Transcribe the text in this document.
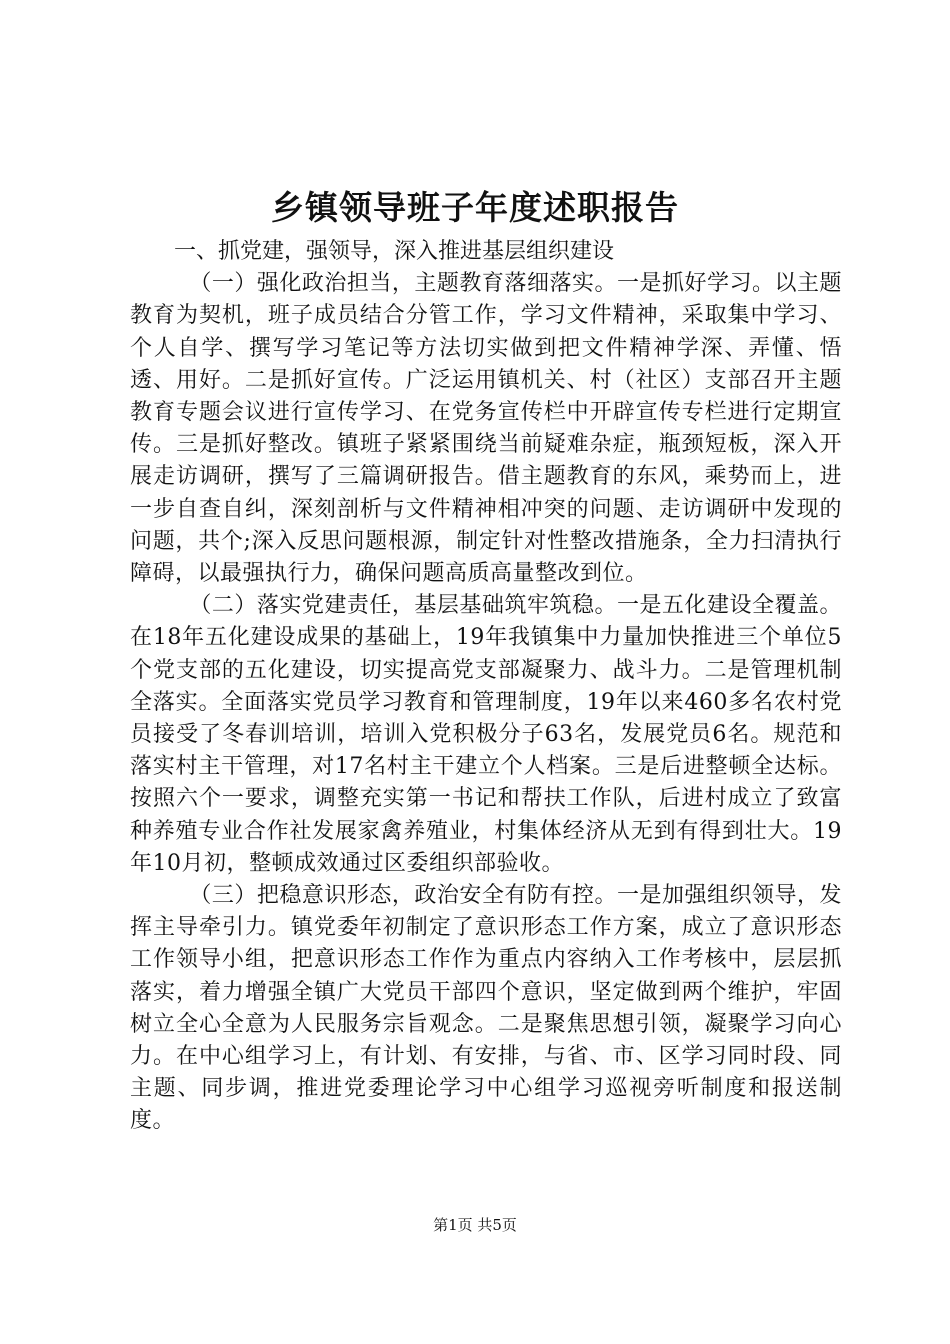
乡镇领导班子年度述职报告

一、抓党建，强领导，深入推进基层组织建设

（一）强化政治担当，主题教育落细落实。一是抓好学习。以主题教育为契机，班子成员结合分管工作，学习文件精神，采取集中学习、个人自学、撰写学习笔记等方法切实做到把文件精神学深、弄懂、悟透、用好。二是抓好宣传。广泛运用镇机关、村（社区）支部召开主题教育专题会议进行宣传学习、在党务宣传栏中开辟宣传专栏进行定期宣传。三是抓好整改。镇班子紧紧围绕当前疑难杂症，瓶颈短板，深入开展走访调研，撰写了三篇调研报告。借主题教育的东风，乘势而上，进一步自查自纠，深刻剖析与文件精神相冲突的问题、走访调研中发现的问题，共个;深入反思问题根源，制定针对性整改措施条，全力扫清执行障碍，以最强执行力，确保问题高质高量整改到位。

（二）落实党建责任，基层基础筑牢筑稳。一是五化建设全覆盖。在18年五化建设成果的基础上，19年我镇集中力量加快推进三个单位5个党支部的五化建设，切实提高党支部凝聚力、战斗力。二是管理机制全落实。全面落实党员学习教育和管理制度，19年以来460多名农村党员接受了冬春训培训，培训入党积极分子63名，发展党员6名。规范和落实村主干管理，对17名村主干建立个人档案。三是后进整顿全达标。按照六个一要求，调整充实第一书记和帮扶工作队，后进村成立了致富种养殖专业合作社发展家禽养殖业，村集体经济从无到有得到壮大。19年10月初，整顿成效通过区委组织部验收。

（三）把稳意识形态，政治安全有防有控。一是加强组织领导，发挥主导牵引力。镇党委年初制定了意识形态工作方案，成立了意识形态工作领导小组，把意识形态工作作为重点内容纳入工作考核中，层层抓落实，着力增强全镇广大党员干部四个意识，坚定做到两个维护，牢固树立全心全意为人民服务宗旨观念。二是聚焦思想引领，凝聚学习向心力。在中心组学习上，有计划、有安排，与省、市、区学习同时段、同主题、同步调，推进党委理论学习中心组学习巡视旁听制度和报送制度。

第1页 共5页
